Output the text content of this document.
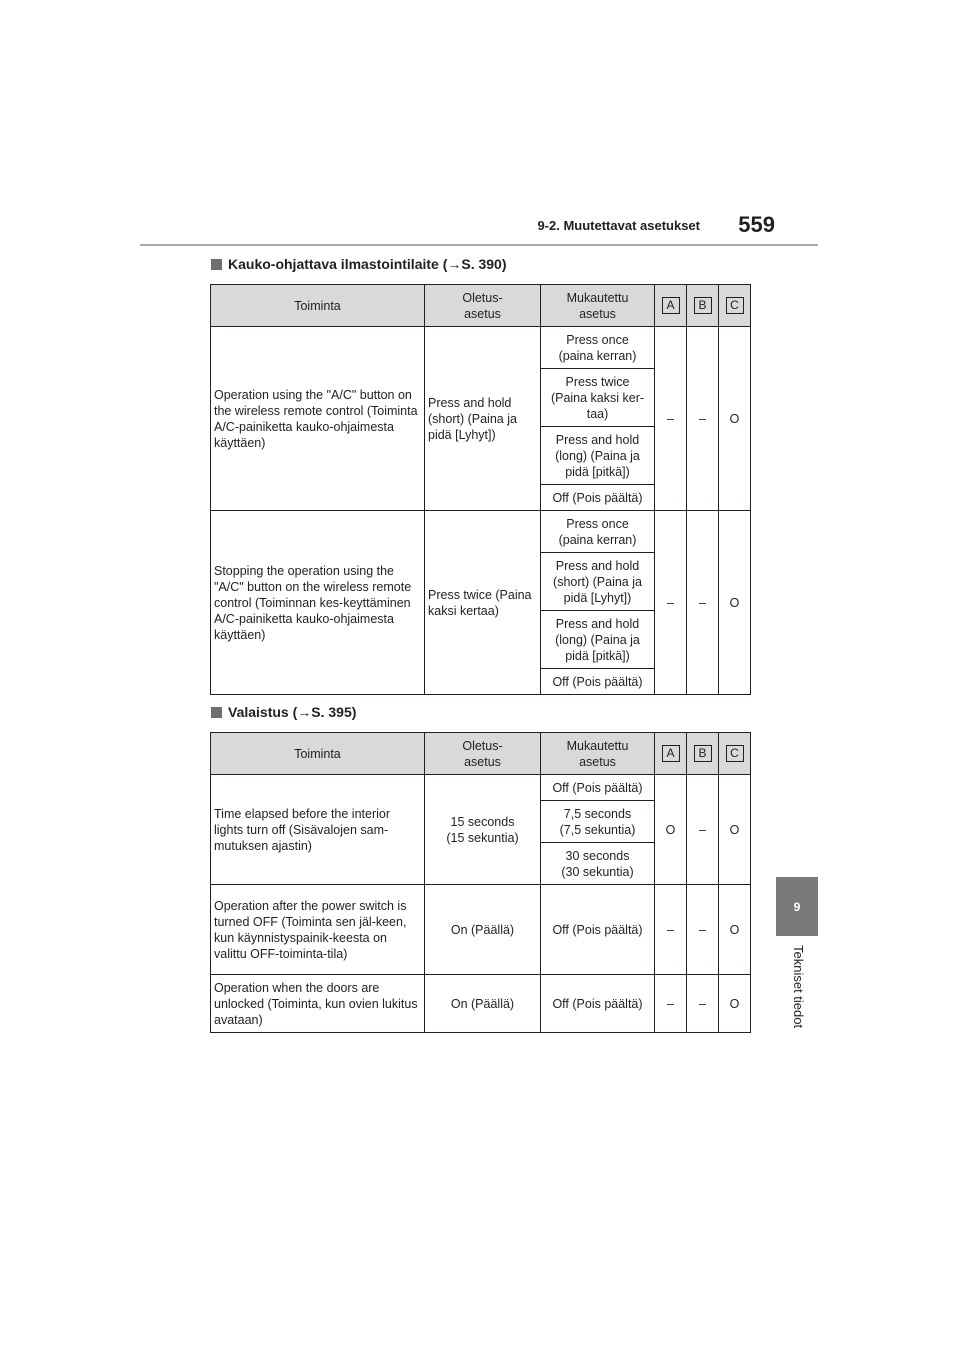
9-2. Muutettavat asetukset	559
9
Tekniset tiedot
Kauko-ohjattava ilmastointilaite (→S. 390)
Toiminta	Oletus-
asetus	Mukautettu
asetus	A	B	C
Operation using the "A/C" button on the wireless remote control (Toiminta A/C-painiketta kauko-ohjaimesta käyttäen)	Press and hold (short) (Paina ja pidä [Lyhyt])	Press once
(paina kerran)	–	–	O
		Press twice
(Paina kaksi ker-
taa)			
		Press and hold
(long) (Paina ja
pidä [pitkä])			
		Off (Pois päältä)			
Stopping the operation using the "A/C" button on the wireless remote control (Toiminnan kes-keyttäminen A/C-painiketta kauko-ohjaimesta käyttäen)	Press twice (Paina kaksi kertaa)	Press once
(paina kerran)	–	–	O
		Press and hold
(short) (Paina ja
pidä [Lyhyt])			
		Press and hold
(long) (Paina ja
pidä [pitkä])			
		Off (Pois päältä)			
Valaistus (→S. 395)
Toiminta	Oletus-
asetus	Mukautettu
asetus	A	B	C
Time elapsed before the interior lights turn off (Sisävalojen sam-mutuksen ajastin)	15 seconds
(15 sekuntia)	Off (Pois päältä)	O	–	O
		7,5 seconds
(7,5 sekuntia)			
		30 seconds
(30 sekuntia)			
Operation after the power switch is turned OFF (Toiminta sen jäl-keen, kun käynnistyspainik-keesta on valittu OFF-toiminta-tila)	On (Päällä)	Off (Pois päältä)	–	–	O
Operation when the doors are unlocked (Toiminta, kun ovien lukitus avataan)	On (Päällä)	Off (Pois päältä)	–	–	O
